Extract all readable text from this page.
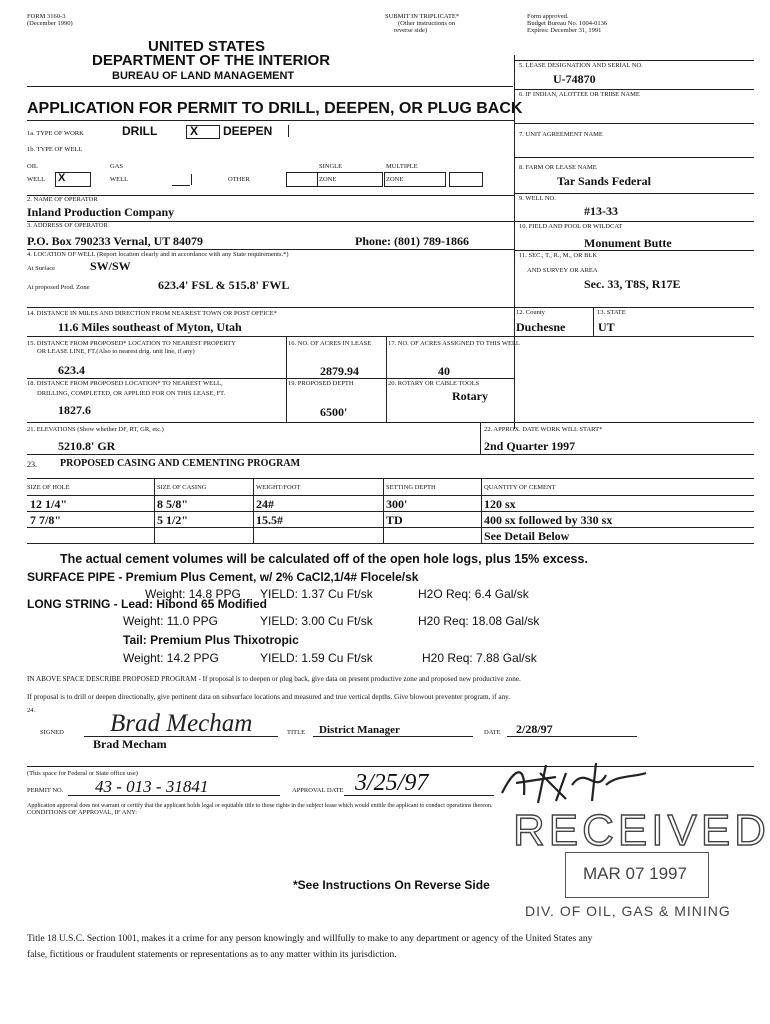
FORM 3160-3
(December 1990)
SUBMIT IN TRIPLICATE*
(Other instructions on
reverse side)
Form approved.
Budget Bureau No. 1004-0136
Expires: December 31, 1991
UNITED STATES
DEPARTMENT OF THE INTERIOR
BUREAU OF LAND MANAGEMENT
APPLICATION FOR PERMIT TO DRILL, DEEPEN, OR PLUG BACK
5. LEASE DESIGNATION AND SERIAL NO.
U-74870
6. IF INDIAN, ALOTTEE OR TRIBE NAME
7. UNIT AGREEMENT NAME
8. FARM OR LEASE NAME
Tar Sands Federal
9. WELL NO.
#13-33
10. FIELD AND POOL OR WILDCAT
Monument Butte
11. SEC., T., R., M., OR BLK
AND SURVEY OR AREA
Sec. 33, T8S, R17E
12. County
Duchesne
13. STATE
UT
1a. TYPE OF WORK	DRILL	X DEEPEN
1b. TYPE OF WELL
OIL
WELL X
GAS
WELL	OTHER
SINGLE
ZONE
MULTIPLE
ZONE
2. NAME OF OPERATOR
Inland Production Company
3. ADDRESS OF OPERATOR
P.O. Box 790233 Vernal, UT 84079	Phone: (801) 789-1866
4. LOCATION OF WELL (Report location clearly and in accordance with any State requirements.*)
At Surface	SW/SW
At proposed Prod. Zone	623.4' FSL & 515.8' FWL
14. DISTANCE IN MILES AND DIRECTION FROM NEAREST TOWN OR POST OFFICE*
11.6 Miles southeast of Myton, Utah
15. DISTANCE FROM PROPOSED* LOCATION TO NEAREST PROPERTY
OR LEASE LINE, FT.(Also to nearest drig. unit line, if any)
623.4
16. NO. OF ACRES IN LEASE
2879.94
17. NO. OF ACRES ASSIGNED TO THIS WELL
40
18. DISTANCE FROM PROPOSED LOCATION* TO NEAREST WELL,
DRILLING, COMPLETED, OR APPLIED FOR ON THIS LEASE, FT.
1827.6
19. PROPOSED DEPTH
6500'
20. ROTARY OR CABLE TOOLS
Rotary
21. ELEVATIONS (Show whether DF, RT, GR, etc.)
5210.8' GR
22. APPROX. DATE WORK WILL START*
2nd Quarter 1997
23. PROPOSED CASING AND CEMENTING PROGRAM
SIZE OF HOLE	SIZE OF CASING	WEIGHT/FOOT	SETTING DEPTH	QUANTITY OF CEMENT
12 1/4"	8 5/8"	24#	300'	120 sx
7 7/8"	5 1/2"	15.5#	TD	400 sx followed by 330 sx
See Detail Below
The actual cement volumes will be calculated off of the open hole logs, plus 15% excess.
SURFACE PIPE - Premium Plus Cement, w/ 2% CaCl2,1/4# Flocele/sk
Weight: 14.8 PPG YIELD: 1.37 Cu Ft/sk	H2O Req: 6.4 Gal/sk
LONG STRING - Lead: Hibond 65 Modified
Weight: 11.0 PPG	YIELD: 3.00 Cu Ft/sk	H20 Req: 18.08 Gal/sk
Tail: Premium Plus Thixotropic
Weight: 14.2 PPG	YIELD: 1.59 Cu Ft/sk	H20 Req: 7.88 Gal/sk
IN ABOVE SPACE DESCRIBE PROPOSED PROGRAM - If proposal is to deepen or plug back, give data on present productive zone and proposed new productive zone.
If proposal is to drill or deepen directionally, give pertinent data on subsurface locations and measured and true vertical depths. Give blowout preventer program, if any.
24.
SIGNED Brad Mecham
Brad Mecham
TITLE District Manager	DATE 2/28/97
(This space for Federal or State office use)
PERMIT NO. 43 - 013 - 31841	APPROVAL DATE 3/25/97
Application approval does not warrant or certify that the applicant holds legal or equitable title to those rights in the subject lease which would entitle the applicant to conduct operations thereon.
CONDITIONS OF APPROVAL, IF ANY:	RECEIVED
MAR 07 1997
DIV. OF OIL, GAS & MINING
*See Instructions On Reverse Side
Title 18 U.S.C. Section 1001, makes it a crime for any person knowingly and willfully to make to any department or agency of the United States any
false, fictitious or fraudulent statements or representations as to any matter within its jurisdiction.
